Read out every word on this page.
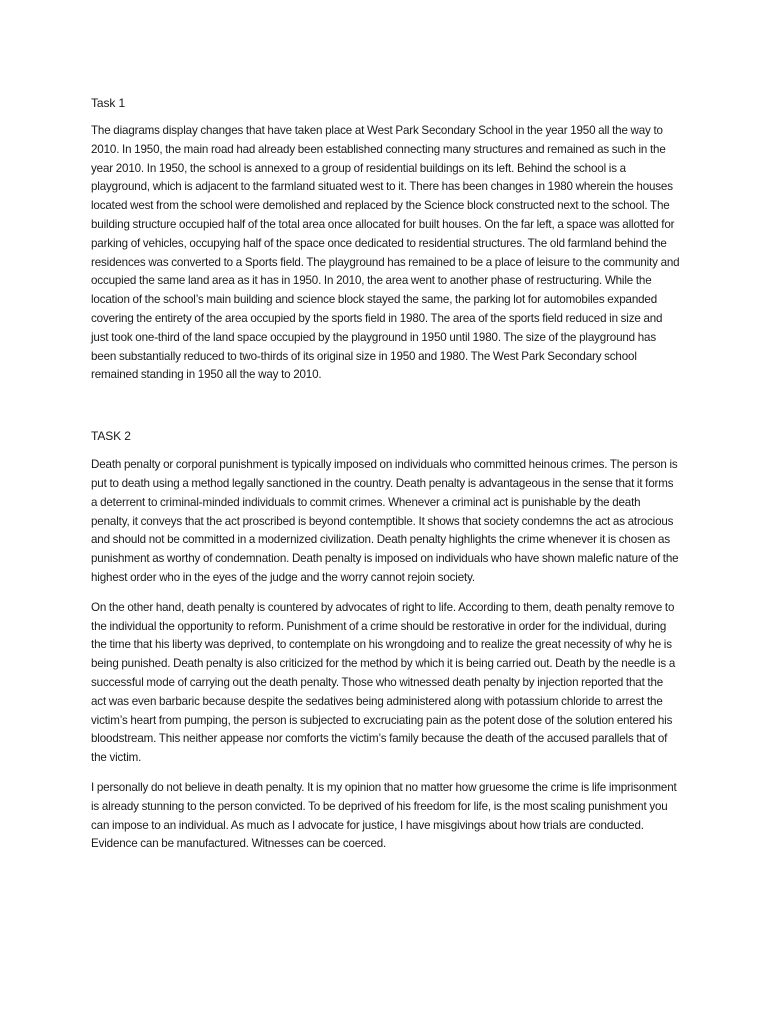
Task 1

The diagrams display changes that have taken place at West Park Secondary School in the year 1950 all the way to 2010. In 1950, the main road had already been established connecting many structures and remained as such in the year 2010. In 1950, the school is annexed to a group of residential buildings on its left. Behind the school is a playground, which is adjacent to the farmland situated west to it. There has been changes in 1980 wherein the houses located west from the school were demolished and replaced by the Science block constructed next to the school. The building structure occupied half of the total area once allocated for built houses. On the far left, a space was allotted for parking of vehicles, occupying half of the space once dedicated to residential structures. The old farmland behind the residences was converted to a Sports field. The playground has remained to be a place of leisure to the community and occupied the same land area as it has in 1950. In 2010, the area went to another phase of restructuring. While the location of the school’s main building and science block stayed the same, the parking lot for automobiles expanded covering the entirety of the area occupied by the sports field in 1980. The area of the sports field reduced in size and just took one-third of the land space occupied by the playground in 1950 until 1980. The size of the playground has been substantially reduced to two-thirds of its original size in 1950 and 1980. The West Park Secondary school remained standing in 1950 all the way to 2010.

TASK 2

Death penalty or corporal punishment is typically imposed on individuals who committed heinous crimes. The person is put to death using a method legally sanctioned in the country. Death penalty is advantageous in the sense that it forms a deterrent to criminal-minded individuals to commit crimes. Whenever a criminal act is punishable by the death penalty, it conveys that the act proscribed is beyond contemptible. It shows that society condemns the act as atrocious and should not be committed in a modernized civilization. Death penalty highlights the crime whenever it is chosen as punishment as worthy of condemnation. Death penalty is imposed on individuals who have shown malefic nature of the highest order who in the eyes of the judge and the worry cannot rejoin society.

On the other hand, death penalty is countered by advocates of right to life. According to them, death penalty remove to the individual the opportunity to reform. Punishment of a crime should be restorative in order for the individual, during the time that his liberty was deprived, to contemplate on his wrongdoing and to realize the great necessity of why he is being punished. Death penalty is also criticized for the method by which it is being carried out. Death by the needle is a successful mode of carrying out the death penalty. Those who witnessed death penalty by injection reported that the act was even barbaric because despite the sedatives being administered along with potassium chloride to arrest the victim’s heart from pumping, the person is subjected to excruciating pain as the potent dose of the solution entered his bloodstream. This neither appease nor comforts the victim’s family because the death of the accused parallels that of the victim.

I personally do not believe in death penalty. It is my opinion that no matter how gruesome the crime is life imprisonment is already stunning to the person convicted. To be deprived of his freedom for life, is the most scaling punishment you can impose to an individual. As much as I advocate for justice, I have misgivings about how trials are conducted. Evidence can be manufactured. Witnesses can be coerced.
